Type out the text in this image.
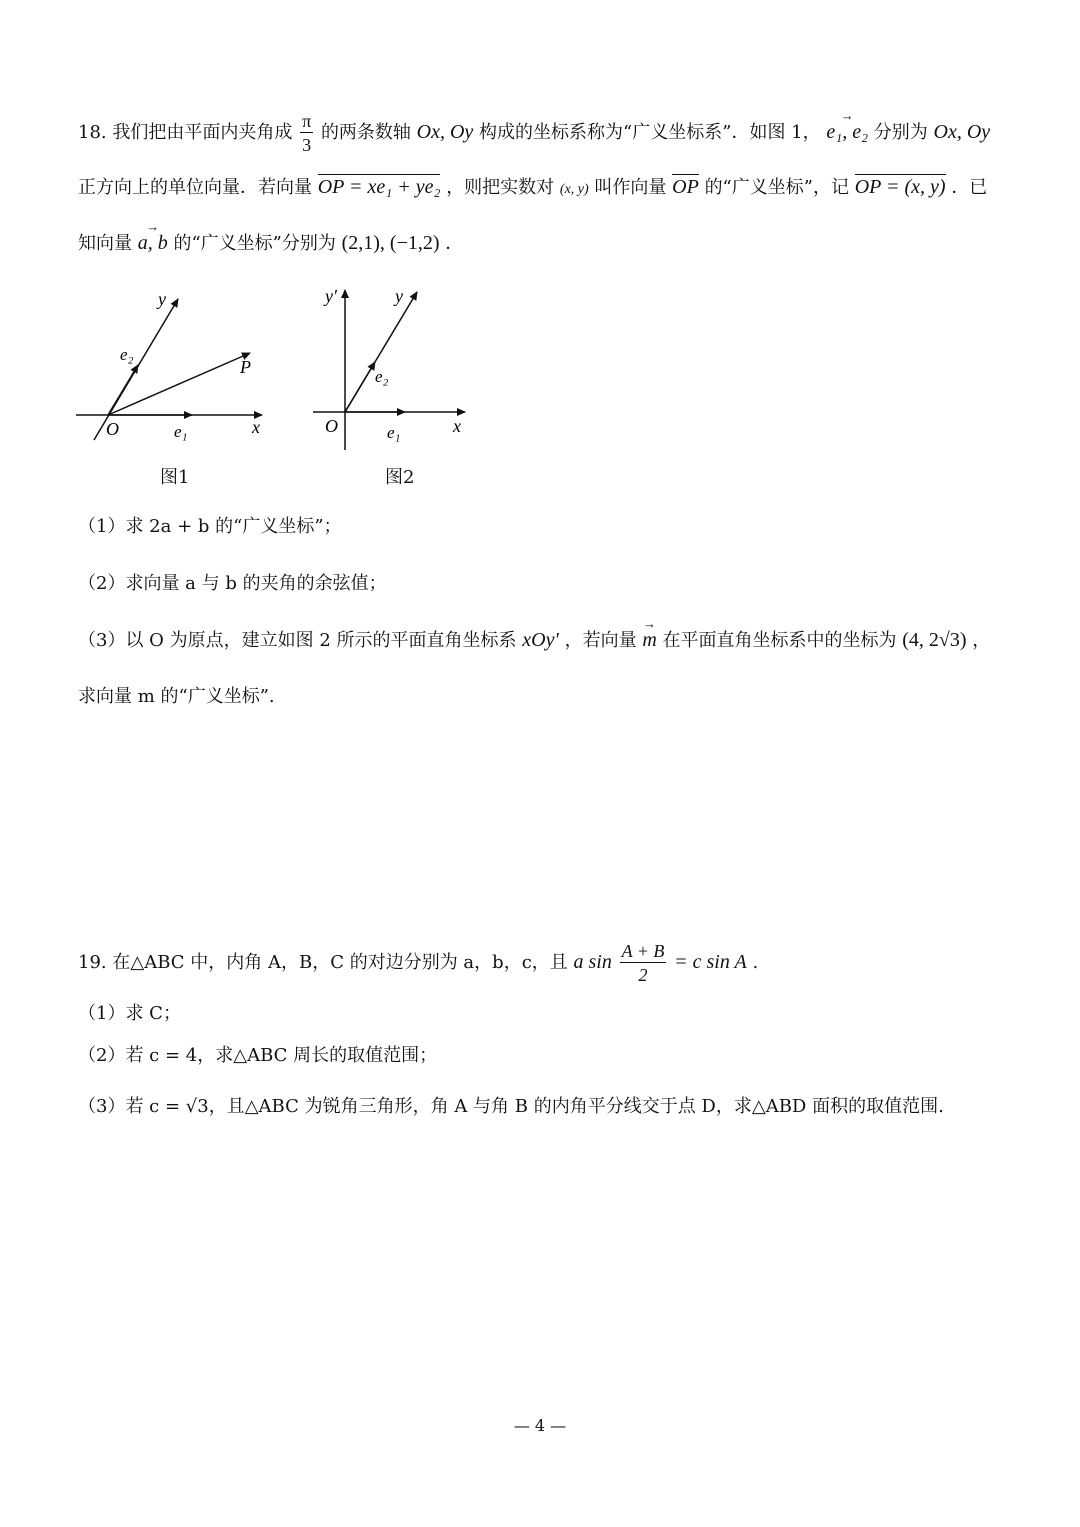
18. 我们把由平面内夹角成 $\frac{\pi}{3}$ 的两条数轴 Ox, Oy 构成的坐标系称为“广义坐标系”．如图 1， → e₁, e₂ 分别为 Ox, Oy
正方向上的单位向量．若向量 OP = xe₁ + ye₂ ，则把实数对 (x, y) 叫作向量 OP 的“广义坐标”，记 OP = (x, y) ．已
知向量 → a, b 的“广义坐标”分别为 (2,1), (−1,2) ．
y
e₂
P
O	e₁	x
图1
y′	y
e₂
O	e₁	x
图2
（1）求 2a + b 的“广义坐标”；
（2）求向量 a 与 b 的夹角的余弦值；
（3）以 O 为原点，建立如图 2 所示的平面直角坐标系 xOy′ ，若向量 → m 在平面直角坐标系中的坐标为 (4, 2√3) ，
求向量 m 的“广义坐标”.
19. 在△ABC 中，内角 A，B，C 的对边分别为 a，b，c，且 a $\sin \frac{A + B}{2} = c$ sin A .
（1）求 C；
（2）若 c = 4，求△ABC 周长的取值范围；
（3）若 c = √3，且△ABC 为锐角三角形，角 A 与角 B 的内角平分线交于点 D，求△ABD 面积的取值范围.
— 4 —
